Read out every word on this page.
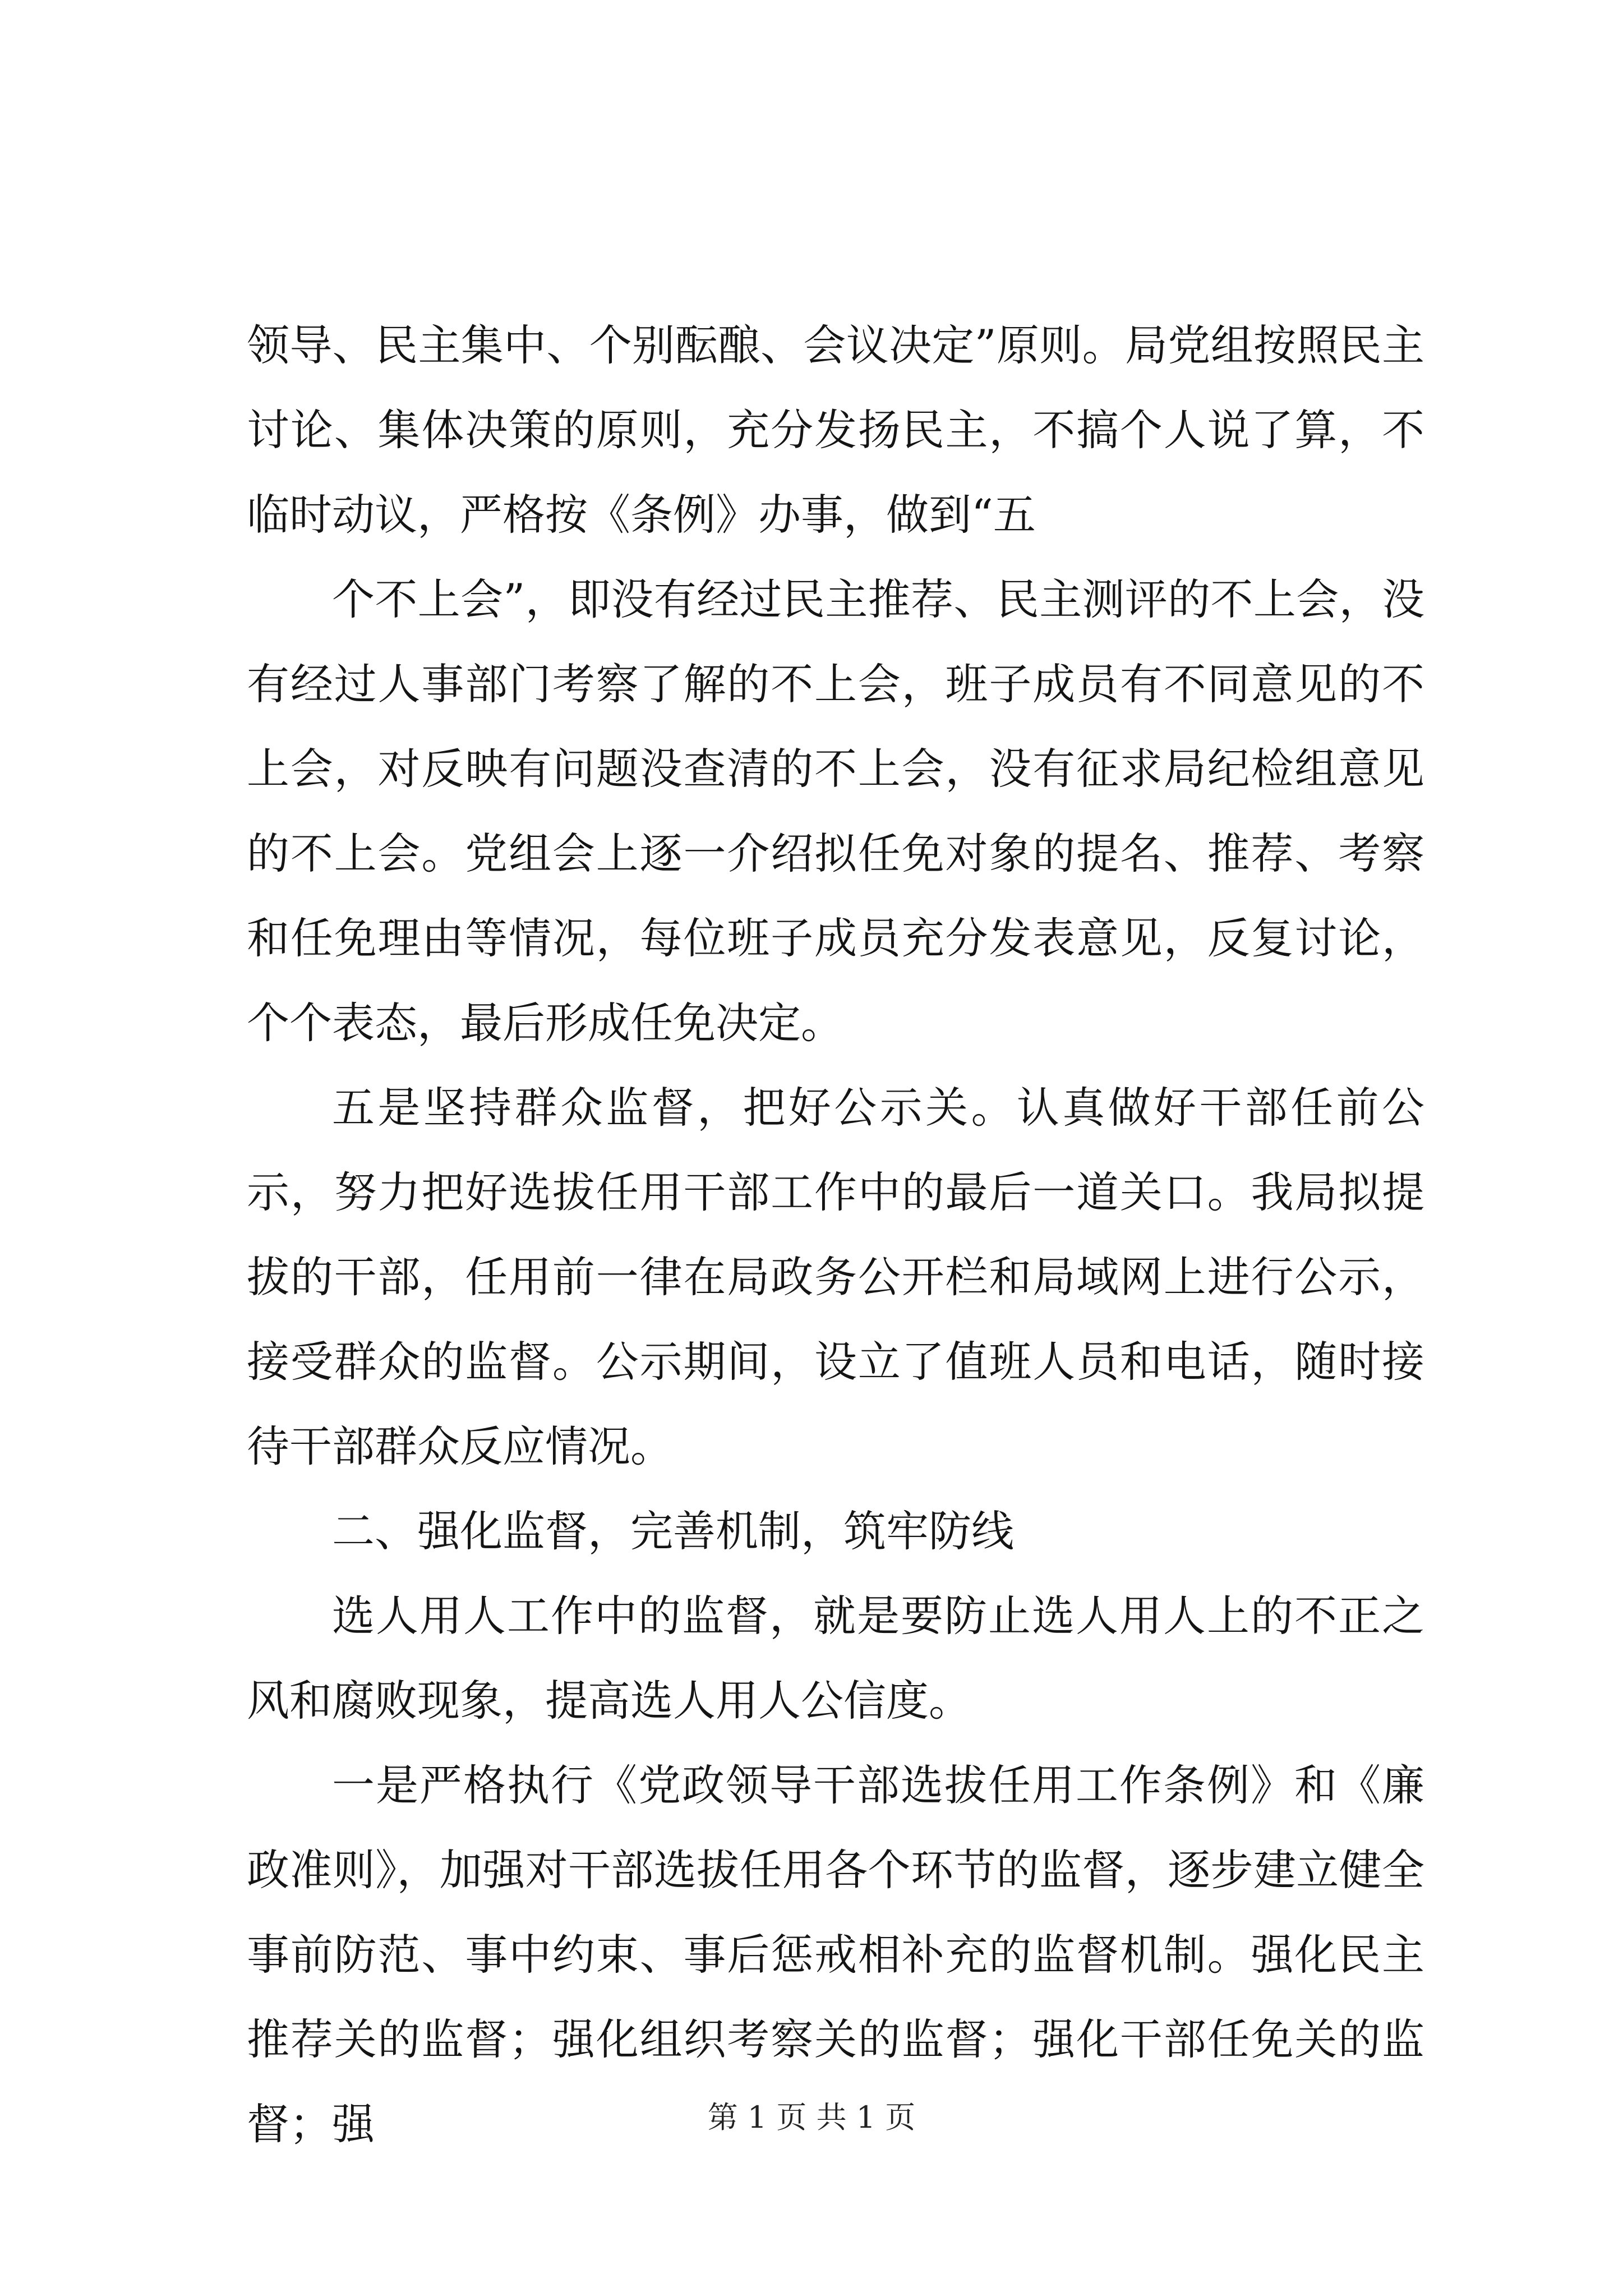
领导、民主集中、个别酝酿、会议决定”原则。局党组按照民主讨论、集体决策的原则，充分发扬民主，不搞个人说了算，不临时动议，严格按《条例》办事，做到“五

个不上会”，即没有经过民主推荐、民主测评的不上会，没有经过人事部门考察了解的不上会，班子成员有不同意见的不上会，对反映有问题没查清的不上会，没有征求局纪检组意见的不上会。党组会上逐一介绍拟任免对象的提名、推荐、考察和任免理由等情况，每位班子成员充分发表意见，反复讨论，个个表态，最后形成任免决定。

五是坚持群众监督，把好公示关。认真做好干部任前公示，努力把好选拔任用干部工作中的最后一道关口。我局拟提拔的干部，任用前一律在局政务公开栏和局域网上进行公示，接受群众的监督。公示期间，设立了值班人员和电话，随时接待干部群众反应情况。

二、强化监督，完善机制，筑牢防线

选人用人工作中的监督，就是要防止选人用人上的不正之风和腐败现象，提高选人用人公信度。

一是严格执行《党政领导干部选拔任用工作条例》和《廉政准则》，加强对干部选拔任用各个环节的监督，逐步建立健全事前防范、事中约束、事后惩戒相补充的监督机制。强化民主推荐关的监督；强化组织考察关的监督；强化干部任免关的监督；强	第 1 页 共 1 页
